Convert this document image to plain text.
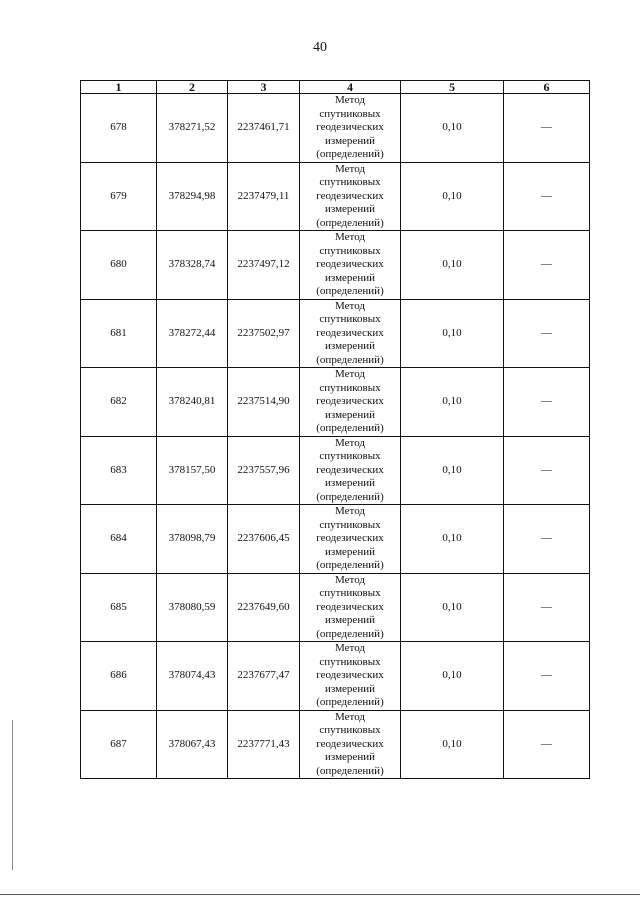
40
1	2	3	4	5	6
678	378271,52	2237461,71	Метод
спутниковых
геодезических
измерений
(определений)	0,10	—
679	378294,98	2237479,11	Метод
спутниковых
геодезических
измерений
(определений)	0,10	—
680	378328,74	2237497,12	Метод
спутниковых
геодезических
измерений
(определений)	0,10	—
681	378272,44	2237502,97	Метод
спутниковых
геодезических
измерений
(определений)	0,10	—
682	378240,81	2237514,90	Метод
спутниковых
геодезических
измерений
(определений)	0,10	—
683	378157,50	2237557,96	Метод
спутниковых
геодезических
измерений
(определений)	0,10	—
684	378098,79	2237606,45	Метод
спутниковых
геодезических
измерений
(определений)	0,10	—
685	378080,59	2237649,60	Метод
спутниковых
геодезических
измерений
(определений)	0,10	—
686	378074,43	2237677,47	Метод
спутниковых
геодезических
измерений
(определений)	0,10	—
687	378067,43	2237771,43	Метод
спутниковых
геодезических
измерений
(определений)	0,10	—
